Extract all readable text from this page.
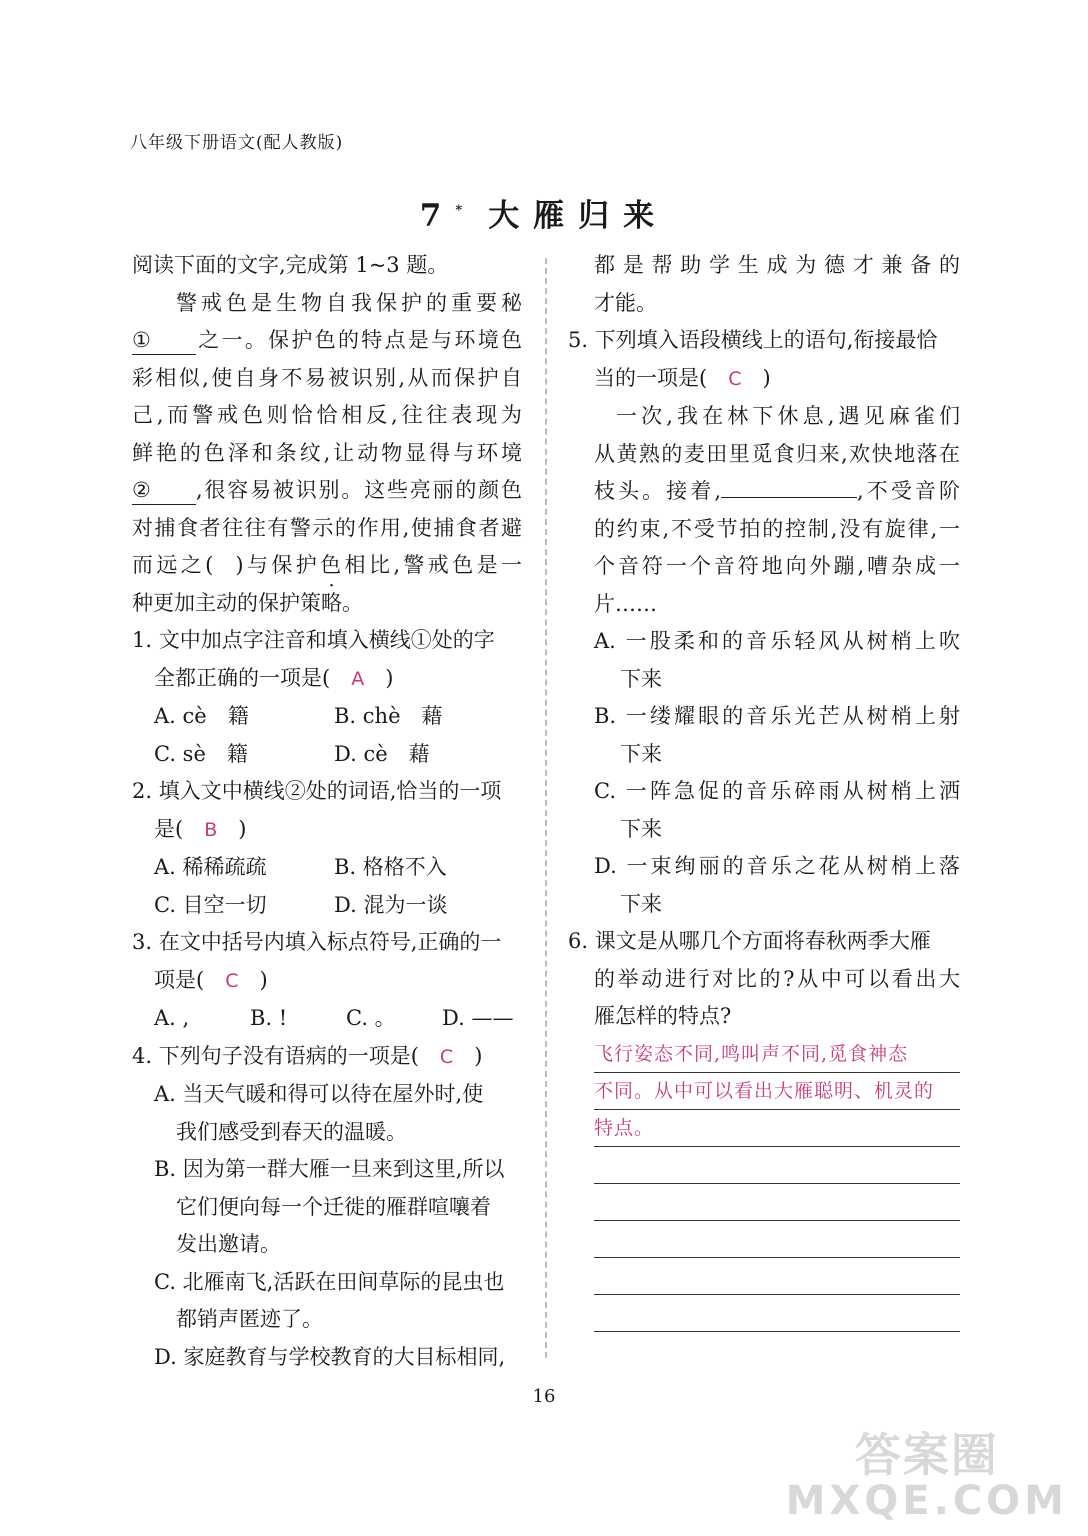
八年级下册语文(配人教版)
7* 大雁归来
阅读下面的文字,完成第 1~3 题。
警戒色是生物自我保护的重要秘
① 之一。保护色的特点是与环境色
彩相似,使自身不易被识别,从而保护自
己,而警戒色则恰恰相反,往往表现为
鲜艳的色泽和条纹,让动物显得与环境
② ,很容易被识别。这些亮丽的颜色
对捕食者往往有警示的作用,使捕食者避
而远之( )与保护色相比,警戒色是一
种更加主动的保护策略。
1. 文中加点字注音和填入横线①处的字
全都正确的一项是(　 A　 )
A. cè　籍	B. chè　藉
C. sè　籍	D. cè　藉
2. 填入文中横线②处的词语,恰当的一项
是(　 B　 )
A. 稀稀疏疏	B. 格格不入
C. 目空一切	D. 混为一谈
3. 在文中括号内填入标点符号,正确的一
项是(　 C　 )
A. ,	B. !	C. 。 D. ——
4. 下列句子没有语病的一项是(　 C　 )
A. 当天气暖和得可以待在屋外时,使
我们感受到春天的温暖。
B. 因为第一群大雁一旦来到这里,所以
它们便向每一个迁徙的雁群喧嚷着
发出邀请。
C. 北雁南飞,活跃在田间草际的昆虫也
都销声匿迹了。
D. 家庭教育与学校教育的大目标相同,
都是帮助学生成为德才兼备的
才能。
5. 下列填入语段横线上的语句,衔接最恰
当的一项是(　 C　 )
一次,我在林下休息,遇见麻雀们
从黄熟的麦田里觅食归来,欢快地落在
枝头。接着,	,不受音阶
的约束,不受节拍的控制,没有旋律,一
个音符一个音符地向外蹦,嘈杂成一
片……
A. 一股柔和的音乐轻风从树梢上吹
下来
B. 一缕耀眼的音乐光芒从树梢上射
下来
C. 一阵急促的音乐碎雨从树梢上洒
下来
D. 一束绚丽的音乐之花从树梢上落
下来
6. 课文是从哪几个方面将春秋两季大雁
的举动进行对比的?从中可以看出大
雁怎样的特点?
飞行姿态不同,鸣叫声不同,觅食神态
不同。从中可以看出大雁聪明、机灵的
特点。
16
答案圈
MXQE.COM
